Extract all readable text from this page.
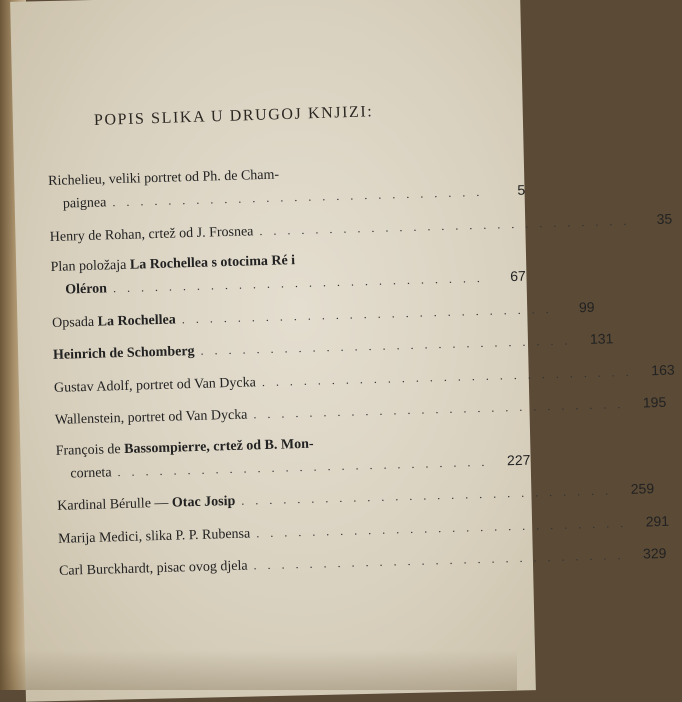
POPIS SLIKA U DRUGOJ KNJIZI:
Richelieu, veliki portret od Ph. de Cham-
paignea . . . . . . . . . . . . . . . . . . . . . . . . . . .	5
Henry de Rohan, crtež od J. Frosnea . . . . . . . . . . . . . . . . . . . . . . . . . . .	35
Plan položaja La Rochellea s otocima Ré i
Oléron . . . . . . . . . . . . . . . . . . . . . . . . . . .	67
Opsada La Rochellea . . . . . . . . . . . . . . . . . . . . . . . . . . .	99
Heinrich de Schomberg . . . . . . . . . . . . . . . . . . . . . . . . . . .	131
Gustav Adolf, portret od Van Dycka . . . . . . . . . . . . . . . . . . . . . . . . . . .	163
Wallenstein, portret od Van Dycka . . . . . . . . . . . . . . . . . . . . . . . . . . .	195
François de Bassompierre, crtež od B. Mon-
corneta . . . . . . . . . . . . . . . . . . . . . . . . . . .	227
Kardinal Bérulle — Otac Josip . . . . . . . . . . . . . . . . . . . . . . . . . . .	259
Marija Medici, slika P. P. Rubensa . . . . . . . . . . . . . . . . . . . . . . . . . . .	291
Carl Burckhardt, pisac ovog djela . . . . . . . . . . . . . . . . . . . . . . . . . . .	329
